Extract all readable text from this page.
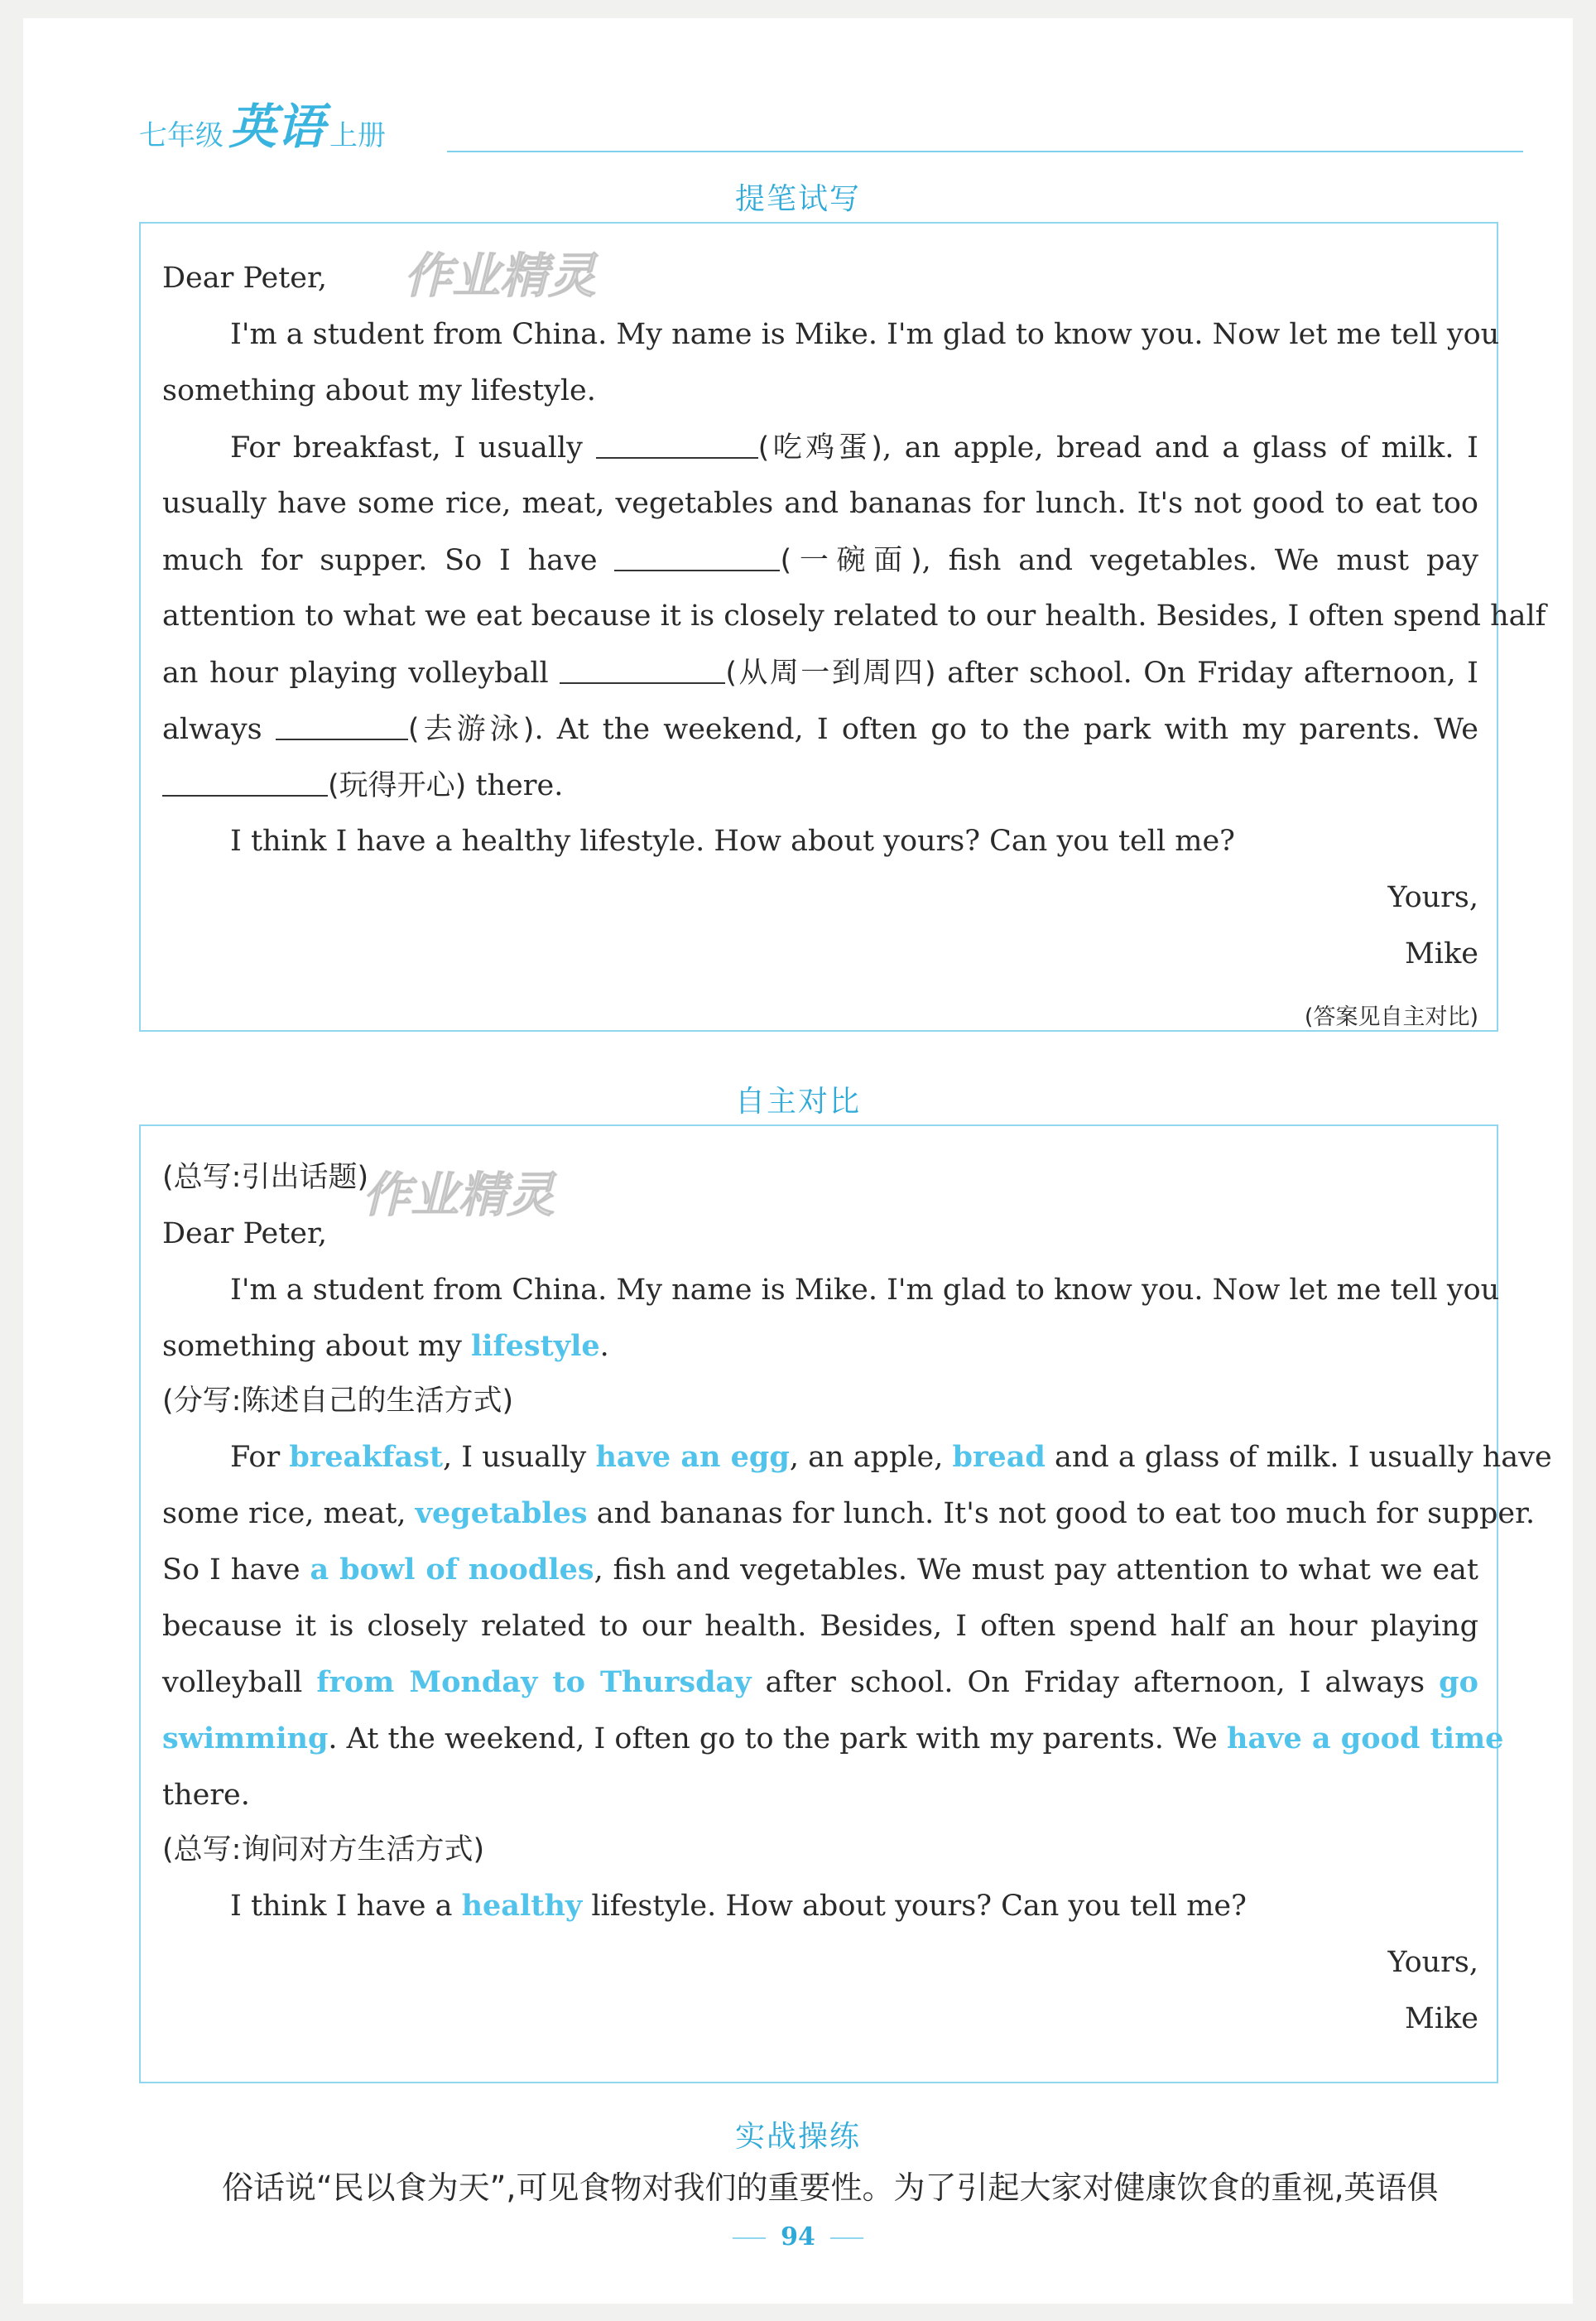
七年级 英语 上册
提笔试写
作业精灵
Dear Peter,
I'm a student from China. My name is Mike. I'm glad to know you. Now let me tell you
something about my lifestyle.
For breakfast, I usually	(吃鸡蛋), an apple, bread and a glass of milk. I
usually have some rice, meat, vegetables and bananas for lunch. It's not good to eat too
much for supper. So I have	(一碗面), fish and vegetables. We must pay
attention to what we eat because it is closely related to our health. Besides, I often spend half
an hour playing volleyball	(从周一到周四) after school. On Friday afternoon, I
always	(去游泳). At the weekend, I often go to the park with my parents. We
(玩得开心) there.
I think I have a healthy lifestyle. How about yours? Can you tell me?
Yours,
Mike
(答案见自主对比)
自主对比
作业精灵
(总写:引出话题)
Dear Peter,
I'm a student from China. My name is Mike. I'm glad to know you. Now let me tell you
something about my lifestyle.
(分写:陈述自己的生活方式)
For breakfast, I usually have an egg, an apple, bread and a glass of milk. I usually have
some rice, meat, vegetables and bananas for lunch. It's not good to eat too much for supper.
So I have a bowl of noodles, fish and vegetables. We must pay attention to what we eat
because it is closely related to our health. Besides, I often spend half an hour playing
volleyball from Monday to Thursday after school. On Friday afternoon, I always go
swimming. At the weekend, I often go to the park with my parents. We have a good time
there.
(总写:询问对方生活方式)
I think I have a healthy lifestyle. How about yours? Can you tell me?
Yours,
Mike
实战操练
俗话说“民以食为天”,可见食物对我们的重要性。为了引起大家对健康饮食的重视,英语俱
94
